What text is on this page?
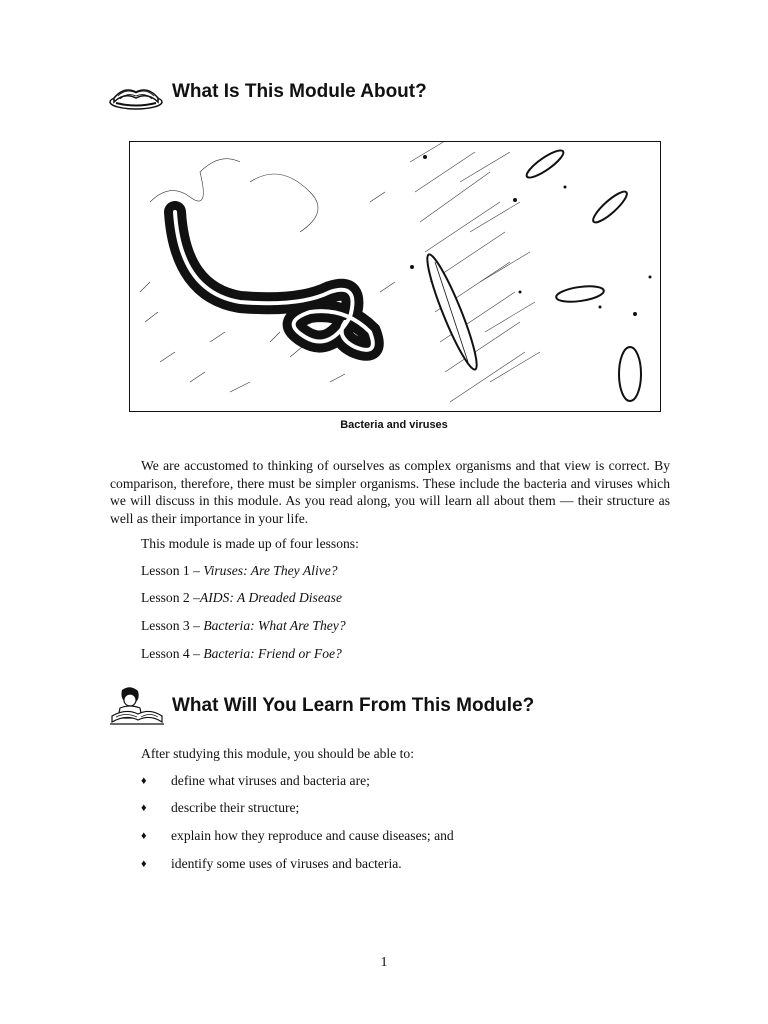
What Is This Module About?
Bacteria and viruses
We are accustomed to thinking of ourselves as complex organisms and that view is correct. By comparison, therefore, there must be simpler organisms. These include the bacteria and viruses which we will discuss in this module. As you read along, you will learn all about them — their structure as well as their importance in your life.
This module is made up of four lessons:
Lesson 1 – Viruses: Are They Alive?
Lesson 2 –AIDS: A Dreaded Disease
Lesson 3 – Bacteria: What Are They?
Lesson 4 – Bacteria: Friend or Foe?
What Will You Learn From This Module?
After studying this module, you should be able to:
♦	define what viruses and bacteria are;
♦	describe their structure;
♦	explain how they reproduce and cause diseases; and
♦	identify some uses of viruses and bacteria.
1
